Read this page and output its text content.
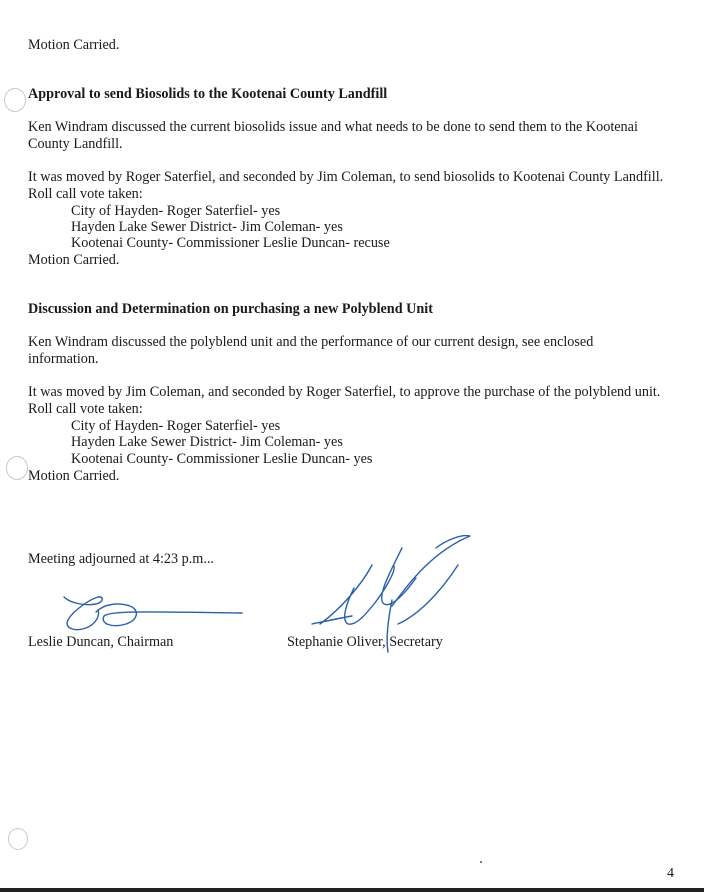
Motion Carried.
Approval to send Biosolids to the Kootenai County Landfill
Ken Windram discussed the current biosolids issue and what needs to be done to send them to the Kootenai
County Landfill.
It was moved by Roger Saterfiel, and seconded by Jim Coleman, to send biosolids to Kootenai County Landfill.
Roll call vote taken:
City of Hayden- Roger Saterfiel- yes
Hayden Lake Sewer District- Jim Coleman- yes
Kootenai County- Commissioner Leslie Duncan- recuse
Motion Carried.
Discussion and Determination on purchasing a new Polyblend Unit
Ken Windram discussed the polyblend unit and the performance of our current design, see enclosed
information.
It was moved by Jim Coleman, and seconded by Roger Saterfiel, to approve the purchase of the polyblend unit.
Roll call vote taken:
City of Hayden- Roger Saterfiel- yes
Hayden Lake Sewer District- Jim Coleman- yes
Kootenai County- Commissioner Leslie Duncan- yes
Motion Carried.
Meeting adjourned at 4:23 p.m...
Leslie Duncan, Chairman	Stephanie Oliver, Secretary
4
